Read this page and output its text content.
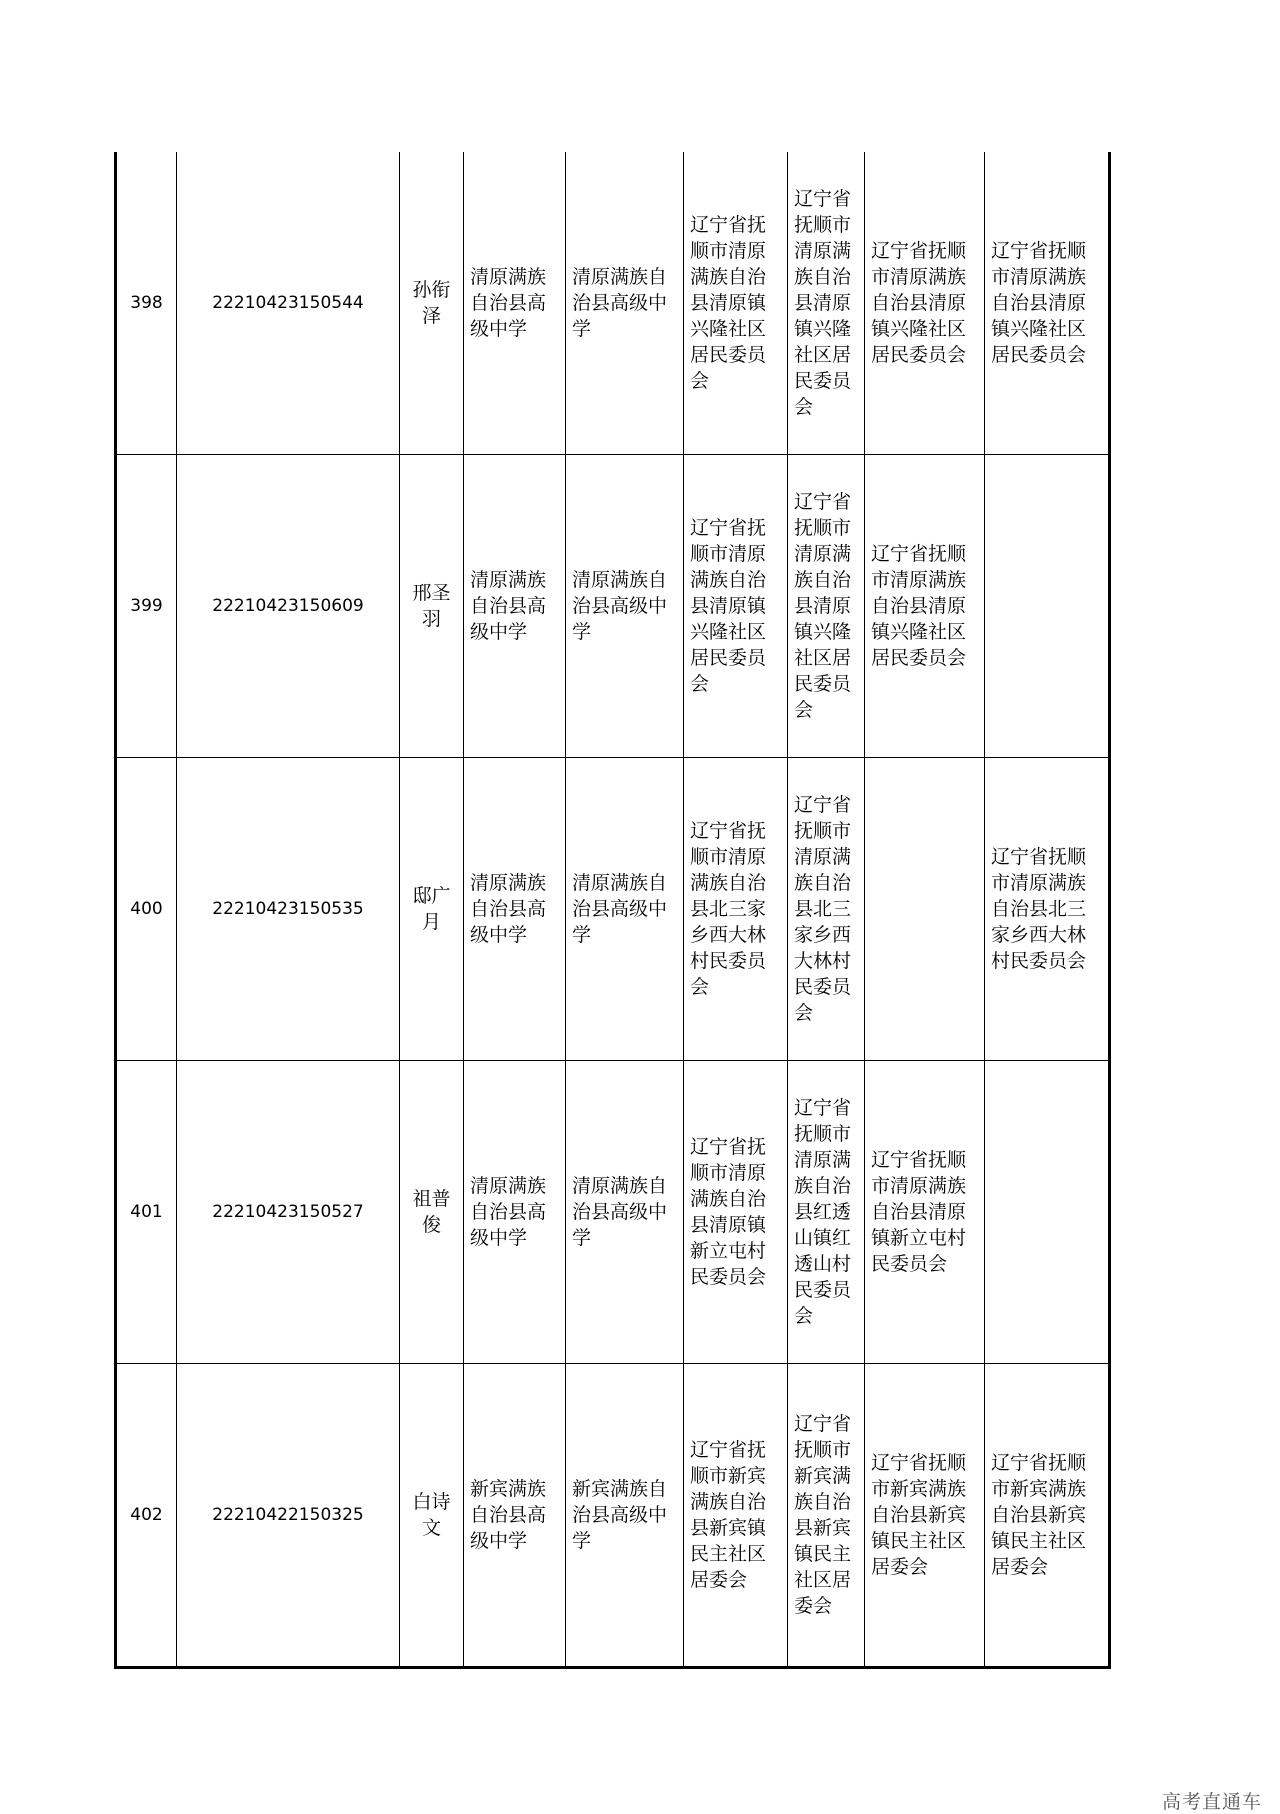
398	22210423150544	孙衔泽	清原满族自治县高级中学	清原满族自治县高级中学	辽宁省抚顺市清原满族自治县清原镇兴隆社区居民委员会	辽宁省抚顺市清原满族自治县清原镇兴隆社区居民委员会	辽宁省抚顺市清原满族自治县清原镇兴隆社区居民委员会	辽宁省抚顺市清原满族自治县清原镇兴隆社区居民委员会
399	22210423150609	邢圣羽	清原满族自治县高级中学	清原满族自治县高级中学	辽宁省抚顺市清原满族自治县清原镇兴隆社区居民委员会	辽宁省抚顺市清原满族自治县清原镇兴隆社区居民委员会	辽宁省抚顺市清原满族自治县清原镇兴隆社区居民委员会	
400	22210423150535	邸广月	清原满族自治县高级中学	清原满族自治县高级中学	辽宁省抚顺市清原满族自治县北三家乡西大林村民委员会	辽宁省抚顺市清原满族自治县北三家乡西大林村民委员会		辽宁省抚顺市清原满族自治县北三家乡西大林村民委员会
401	22210423150527	祖普俊	清原满族自治县高级中学	清原满族自治县高级中学	辽宁省抚顺市清原满族自治县清原镇新立屯村民委员会	辽宁省抚顺市清原满族自治县红透山镇红透山村民委员会	辽宁省抚顺市清原满族自治县清原镇新立屯村民委员会	
402	22210422150325	白诗文	新宾满族自治县高级中学	新宾满族自治县高级中学	辽宁省抚顺市新宾满族自治县新宾镇民主社区居委会	辽宁省抚顺市新宾满族自治县新宾镇民主社区居委会	辽宁省抚顺市新宾满族自治县新宾镇民主社区居委会	辽宁省抚顺市新宾满族自治县新宾镇民主社区居委会
高考直通车
